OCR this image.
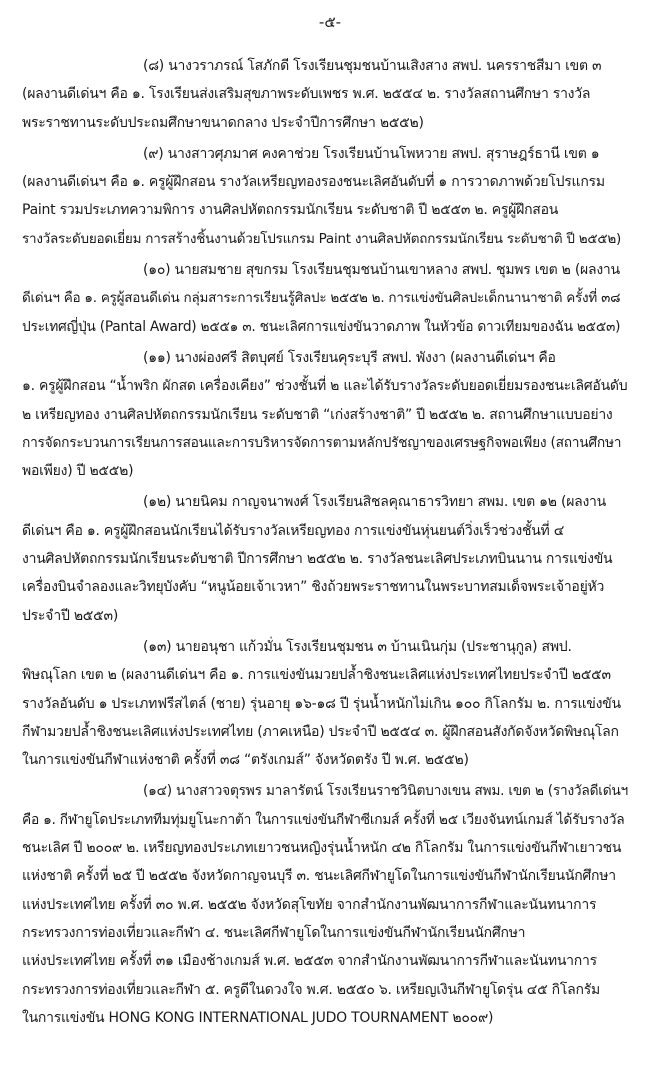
-๕-
(๘) นางวราภรณ์ โสภักดี โรงเรียนชุมชนบ้านเสิงสาง สพป. นครราชสีมา เขต ๓
(ผลงานดีเด่นฯ คือ ๑. โรงเรียนส่งเสริมสุขภาพระดับเพชร พ.ศ. ๒๕๕๔ ๒. รางวัลสถานศึกษา รางวัล
พระราชทานระดับประถมศึกษาขนาดกลาง ประจำปีการศึกษา ๒๕๕๒)
(๙) นางสาวศุภมาศ คงคาช่วย โรงเรียนบ้านโพหวาย สพป. สุราษฎร์ธานี เขต ๑
(ผลงานดีเด่นฯ คือ ๑. ครูผู้ฝึกสอน รางวัลเหรียญทองรองชนะเลิศอันดับที่ ๑ การวาดภาพด้วยโปรแกรม
Paint รวมประเภทความพิการ งานศิลปหัตถกรรมนักเรียน ระดับชาติ ปี ๒๕๕๓ ๒. ครูผู้ฝึกสอน
รางวัลระดับยอดเยี่ยม การสร้างชิ้นงานด้วยโปรแกรม Paint งานศิลปหัตถกรรมนักเรียน ระดับชาติ ปี ๒๕๕๒)
(๑๐) นายสมชาย สุขกรม โรงเรียนชุมชนบ้านเขาหลาง สพป. ชุมพร เขต ๒ (ผลงาน
ดีเด่นฯ คือ ๑. ครูผู้สอนดีเด่น กลุ่มสาระการเรียนรู้ศิลปะ ๒๕๕๒ ๒. การแข่งขันศิลปะเด็กนานาชาติ ครั้งที่ ๓๘
ประเทศญี่ปุ่น (Pantal Award) ๒๕๕๑ ๓. ชนะเลิศการแข่งขันวาดภาพ ในหัวข้อ ดาวเทียมของฉัน ๒๕๕๓)
(๑๑) นางผ่องศรี สิตบุศย์ โรงเรียนคุระบุรี สพป. พังงา (ผลงานดีเด่นฯ คือ
๑. ครูผู้ฝึกสอน “น้ำพริก ผักสด เครื่องเคียง” ช่วงชั้นที่ ๒ และได้รับรางวัลระดับยอดเยี่ยมรองชนะเลิศอันดับ
๒ เหรียญทอง งานศิลปหัตถกรรมนักเรียน ระดับชาติ “เก่งสร้างชาติ” ปี ๒๕๕๒ ๒. สถานศึกษาแบบอย่าง
การจัดกระบวนการเรียนการสอนและการบริหารจัดการตามหลักปรัชญาของเศรษฐกิจพอเพียง (สถานศึกษา
พอเพียง) ปี ๒๕๕๒)
(๑๒) นายนิคม กาญจนาพงศ์ โรงเรียนสิชลคุณาธารวิทยา สพม. เขต ๑๒ (ผลงาน
ดีเด่นฯ คือ ๑. ครูผู้ฝึกสอนนักเรียนได้รับรางวัลเหรียญทอง การแข่งขันหุ่นยนต์วิ่งเร็วช่วงชั้นที่ ๔
งานศิลปหัตถกรรมนักเรียนระดับชาติ ปีการศึกษา ๒๕๕๒ ๒. รางวัลชนะเลิศประเภทบินนาน การแข่งขัน
เครื่องบินจำลองและวิทยุบังคับ “หนูน้อยเจ้าเวหา” ชิงถ้วยพระราชทานในพระบาทสมเด็จพระเจ้าอยู่หัว
ประจำปี ๒๕๕๓)
(๑๓) นายอนุชา แก้วมั่น โรงเรียนชุมชน ๓ บ้านเนินกุ่ม (ประชานุกูล) สพป.
พิษณุโลก เขต ๒ (ผลงานดีเด่นฯ คือ ๑. การแข่งขันมวยปล้ำชิงชนะเลิศแห่งประเทศไทยประจำปี ๒๕๕๓
รางวัลอันดับ ๑ ประเภทฟรีสไตล์ (ชาย) รุ่นอายุ ๑๖-๑๘ ปี รุ่นน้ำหนักไม่เกิน ๑๐๐ กิโลกรัม ๒. การแข่งขัน
กีฬามวยปล้ำชิงชนะเลิศแห่งประเทศไทย (ภาคเหนือ) ประจำปี ๒๕๕๔ ๓. ผู้ฝึกสอนสังกัดจังหวัดพิษณุโลก
ในการแข่งขันกีฬาแห่งชาติ ครั้งที่ ๓๘ “ตรังเกมส์” จังหวัดตรัง ปี พ.ศ. ๒๕๕๒)
(๑๔) นางสาวจตุรพร มาลารัตน์ โรงเรียนราชวินิตบางเขน สพม. เขต ๒ (รางวัลดีเด่นฯ
คือ ๑. กีฬายูโดประเภททีมทุ่มยูโนะกาต้า ในการแข่งขันกีฬาซีเกมส์ ครั้งที่ ๒๕ เวียงจันทน์เกมส์ ได้รับรางวัล
ชนะเลิศ ปี ๒๐๐๙ ๒. เหรียญทองประเภทเยาวชนหญิงรุ่นน้ำหนัก ๔๒ กิโลกรัม ในการแข่งขันกีฬาเยาวชน
แห่งชาติ ครั้งที่ ๒๕ ปี ๒๕๕๒ จังหวัดกาญจนบุรี ๓. ชนะเลิศกีฬายูโดในการแข่งขันกีฬานักเรียนนักศึกษา
แห่งประเทศไทย ครั้งที่ ๓๐ พ.ศ. ๒๕๕๒ จังหวัดสุโขทัย จากสำนักงานพัฒนาการกีฬาและนันทนาการ
กระทรวงการท่องเที่ยวและกีฬา ๔. ชนะเลิศกีฬายูโดในการแข่งขันกีฬานักเรียนนักศึกษา
แห่งประเทศไทย ครั้งที่ ๓๑ เมืองช้างเกมส์ พ.ศ. ๒๕๕๓ จากสำนักงานพัฒนาการกีฬาและนันทนาการ
กระทรวงการท่องเที่ยวและกีฬา ๕. ครูดีในดวงใจ พ.ศ. ๒๕๕๐ ๖. เหรียญเงินกีฬายูโดรุ่น ๔๕ กิโลกรัม
ในการแข่งขัน HONG KONG INTERNATIONAL JUDO TOURNAMENT ๒๐๐๙)
